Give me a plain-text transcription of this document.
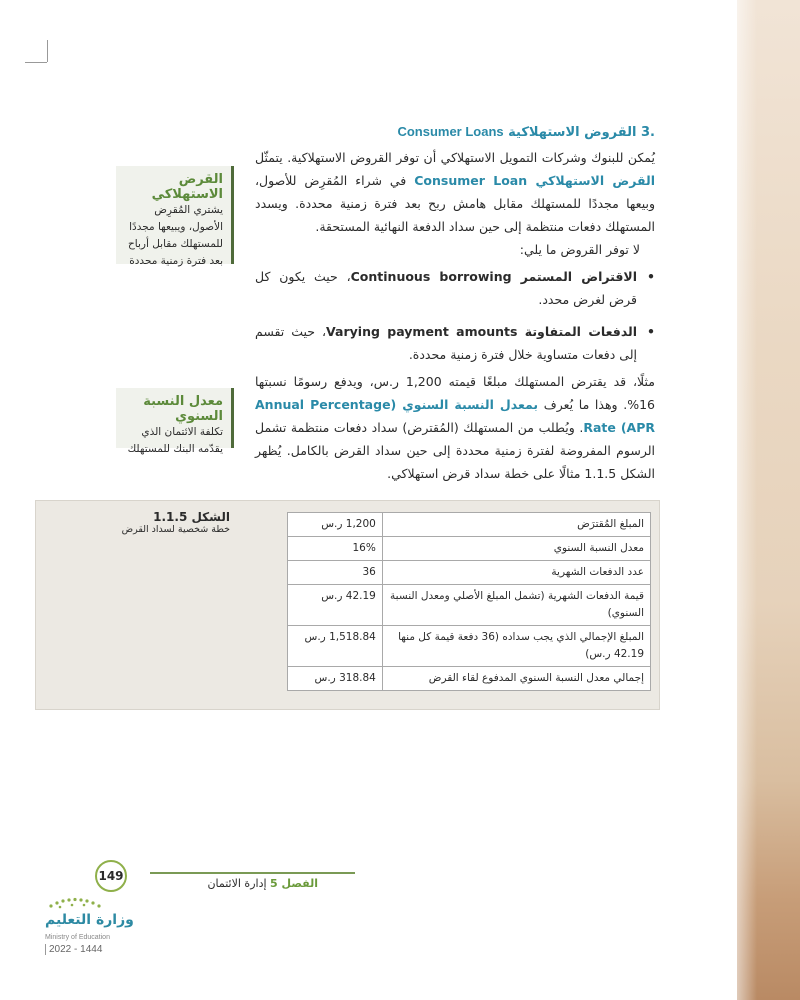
.3 القروض الاستهلاكية Consumer Loans
يُمكن للبنوك وشركات التمويل الاستهلاكي أن توفر القروض الاستهلاكية. يتمثّل القرض الاستهلاكي Consumer Loan في شراء المُقرِض للأصول، وبيعها مجددًا للمستهلك مقابل هامش ربح بعد فترة زمنية محددة. ويسدد المستهلك دفعات منتظمة إلى حين سداد الدفعة النهائية المستحقة.
لا توفر القروض ما يلي:
•
الاقتراض المستمر Continuous borrowing، حيث يكون كل قرض لغرض محدد.
•
الدفعات المتفاوتة Varying payment amounts، حيث تقسم إلى دفعات متساوية خلال فترة زمنية محددة.
مثلًا، قد يقترض المستهلك مبلغًا قيمته 1,200 ر.س، ويدفع رسومًا نسبتها 16%. وهذا ما يُعرف بمعدل النسبة السنوي (Annual Percentage Rate (APR. ويُطلب من المستهلك (المُقترض) سداد دفعات منتظمة تشمل الرسوم المفروضة لفترة زمنية محددة إلى حين سداد القرض بالكامل. يُظهر الشكل 1.1.5 مثالًا على خطة سداد قرض استهلاكي.
القرض الاستهلاكي
يشتري المُقرِض الأصول، ويبيعها مجددًا للمستهلك مقابل أرباح بعد فترة زمنية محددة
معدل النسبة السنوي
تكلفة الائتمان الذي يقدّمه البنك للمستهلك
الشكل 1.1.5
خطة شخصية لسداد القرض	المبلغ المُقترَض	1,200 ر.س
معدل النسبة السنوي	16%
عدد الدفعات الشهرية	36
قيمة الدفعات الشهرية (تشمل المبلغ الأصلي ومعدل النسبة السنوي)	42.19 ر.س
المبلغ الإجمالي الذي يجب سداده (36 دفعة قيمة كل منها 42.19 ر.س)	1,518.84 ر.س
إجمالي معدل النسبة السنوي المدفوع لقاء القرض	318.84 ر.س
149
الفصل 5 إدارة الائتمان
وزارة التعليم
Ministry of Education
2022 - 1444
